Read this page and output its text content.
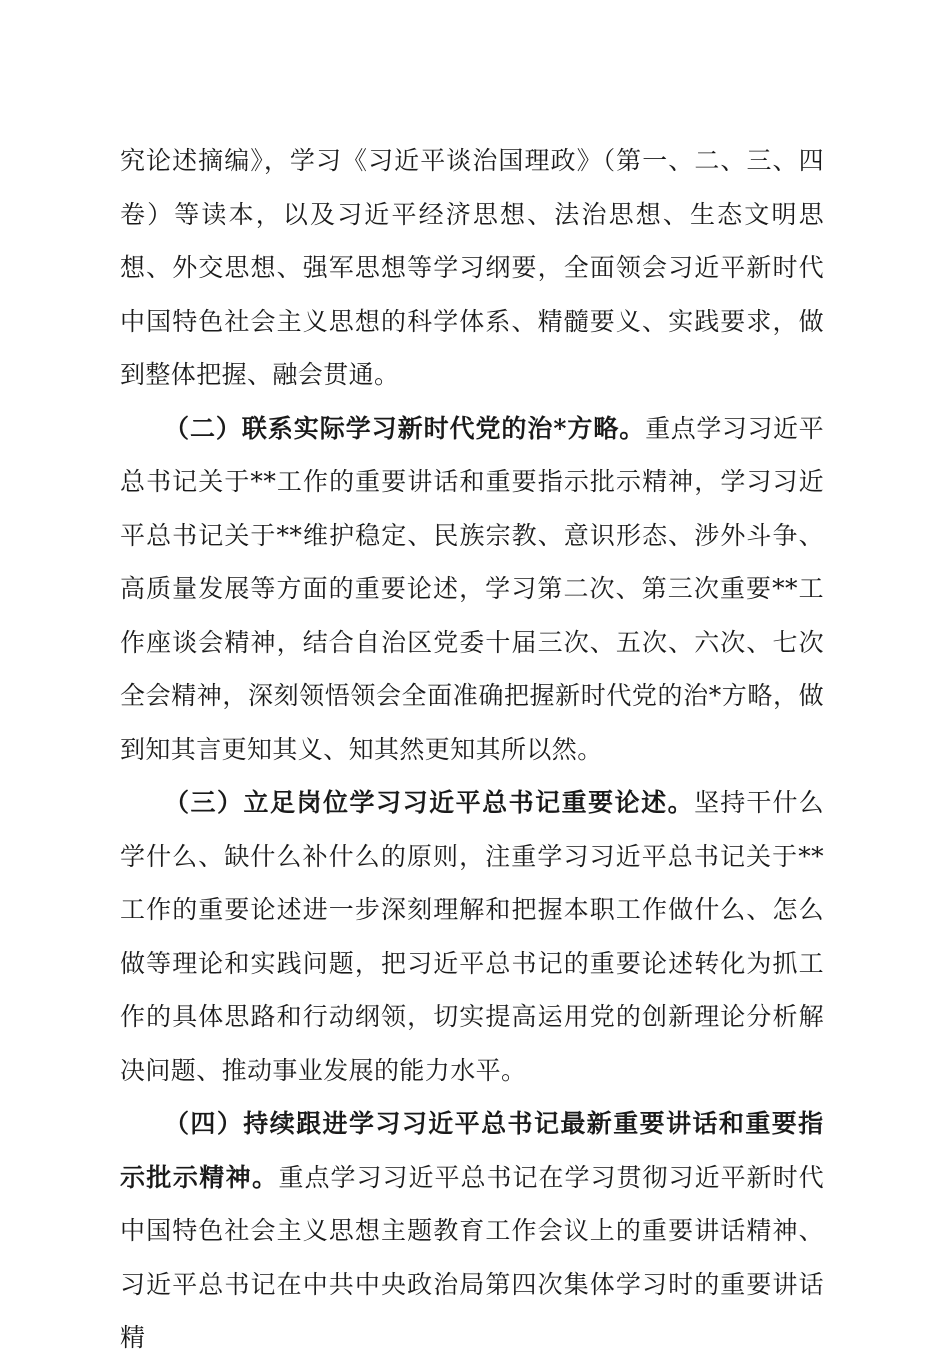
究论述摘编》，学习《习近平谈治国理政》（第一、二、三、四卷）等读本，以及习近平经济思想、法治思想、生态文明思想、外交思想、强军思想等学习纲要，全面领会习近平新时代中国特色社会主义思想的科学体系、精髓要义、实践要求，做到整体把握、融会贯通。

（二）联系实际学习新时代党的治*方略。重点学习习近平总书记关于**工作的重要讲话和重要指示批示精神，学习习近平总书记关于**维护稳定、民族宗教、意识形态、涉外斗争、高质量发展等方面的重要论述，学习第二次、第三次重要**工作座谈会精神，结合自治区党委十届三次、五次、六次、七次全会精神，深刻领悟领会全面准确把握新时代党的治*方略，做到知其言更知其义、知其然更知其所以然。

（三）立足岗位学习习近平总书记重要论述。坚持干什么学什么、缺什么补什么的原则，注重学习习近平总书记关于**工作的重要论述进一步深刻理解和把握本职工作做什么、怎么做等理论和实践问题，把习近平总书记的重要论述转化为抓工作的具体思路和行动纲领，切实提高运用党的创新理论分析解决问题、推动事业发展的能力水平。

（四）持续跟进学习习近平总书记最新重要讲话和重要指示批示精神。重点学习习近平总书记在学习贯彻习近平新时代中国特色社会主义思想主题教育工作会议上的重要讲话精神、习近平总书记在中共中央政治局第四次集体学习时的重要讲话精
